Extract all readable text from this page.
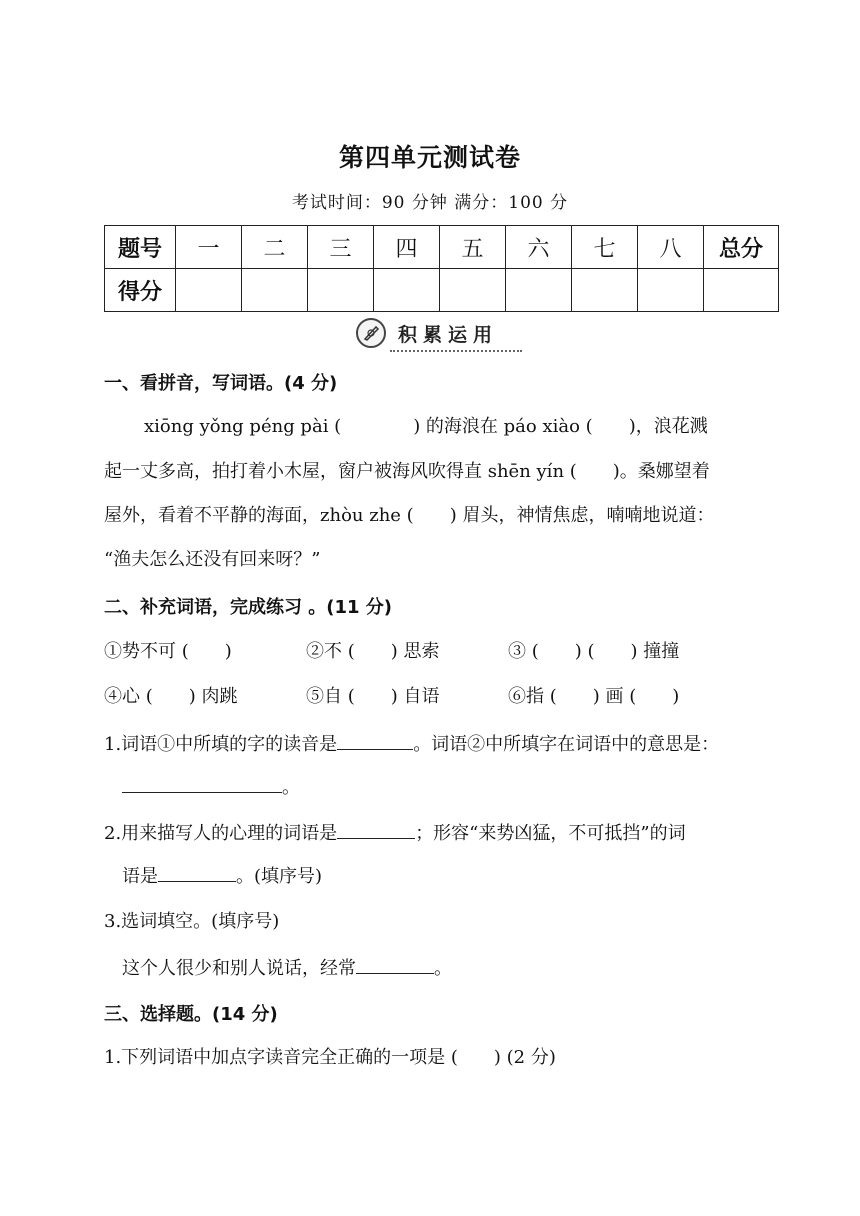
第四单元测试卷
考试时间：90 分钟 满分：100 分
题号	一	二	三	四	五	六	七	八	总分
得分									
积累运用
一、看拼音，写词语。(4 分)
xiōng yǒng péng pài (　　　　) 的海浪在 páo xiào (　　)，浪花溅
起一丈多高，拍打着小木屋，窗户被海风吹得直 shēn yín (　　)。桑娜望着
屋外，看着不平静的海面，zhòu zhe (　　) 眉头，神情焦虑，喃喃地说道：
“渔夫怎么还没有回来呀？”
二、补充词语，完成练习 。(11 分)
①势不可 (　　)	②不 (　　) 思索	③ (　　) (　　) 撞撞
④心 (　　) 肉跳	⑤自 (　　) 自语	⑥指 (　　) 画 (　　)
1.词语①中所填的字的读音是	。词语②中所填字在词语中的意思是：
。
2.用来描写人的心理的词语是	；形容“来势凶猛，不可抵挡”的词
语是	。(填序号)
3.选词填空。(填序号)
这个人很少和别人说话，经常	。
三、选择题。(14 分)
1.下列词语中加点字读音完全正确的一项是 (　　) (2 分)
